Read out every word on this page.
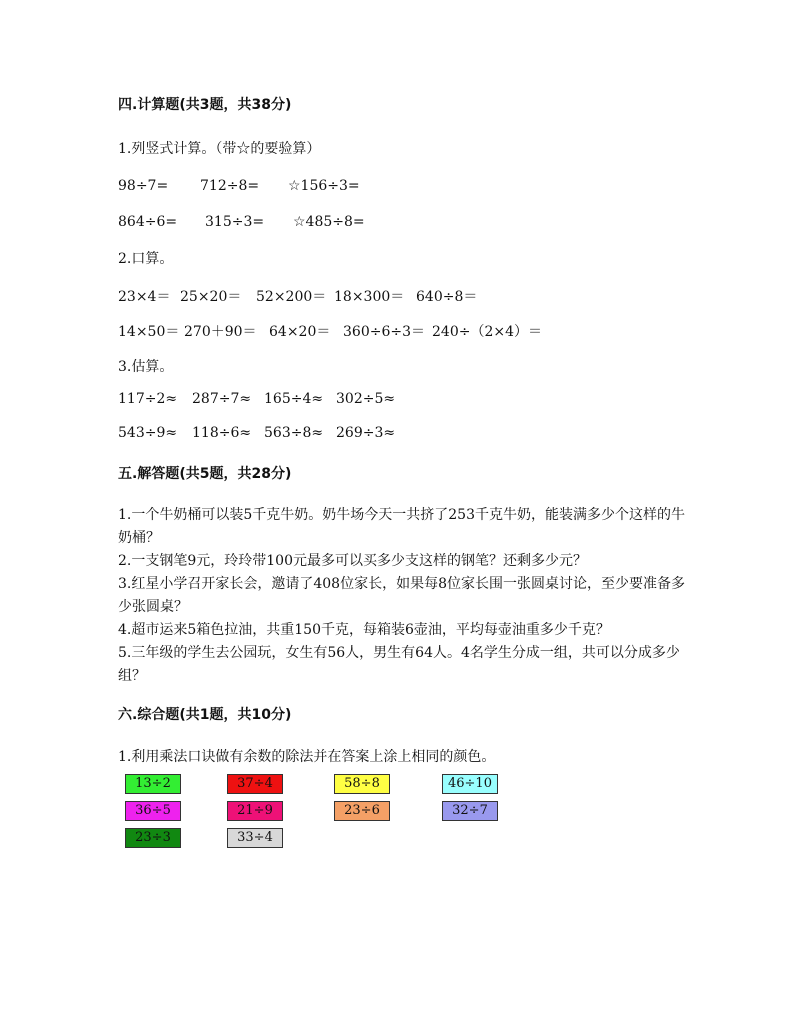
四.计算题(共3题，共38分)
1.列竖式计算。（带☆的要验算）
98÷7= 712÷8= ☆156÷3=
864÷6= 315÷3= ☆485÷8=
2.口算。
23×4＝ 25×20＝ 52×200＝ 18×300＝ 640÷8＝
14×50＝ 270＋90＝ 64×20＝ 360÷6÷3＝ 240÷（2×4）＝
3.估算。
117÷2≈ 287÷7≈ 165÷4≈ 302÷5≈
543÷9≈ 118÷6≈ 563÷8≈ 269÷3≈
五.解答题(共5题，共28分)

1.一个牛奶桶可以装5千克牛奶。奶牛场今天一共挤了253千克牛奶，能装满多少个这样的牛奶桶？

2.一支钢笔9元，玲玲带100元最多可以买多少支这样的钢笔？还剩多少元？

3.红星小学召开家长会，邀请了408位家长，如果每8位家长围一张圆桌讨论，至少要准备多少张圆桌？

4.超市运来5箱色拉油，共重150千克，每箱装6壶油，平均每壶油重多少千克？

5.三年级的学生去公园玩，女生有56人，男生有64人。4名学生分成一组，共可以分成多少组？

六.综合题(共1题，共10分)
1.利用乘法口诀做有余数的除法并在答案上涂上相同的颜色。
13÷2	37÷4	58÷8	46÷10
36÷5	21÷9	23÷6	32÷7
23÷3	33÷4
